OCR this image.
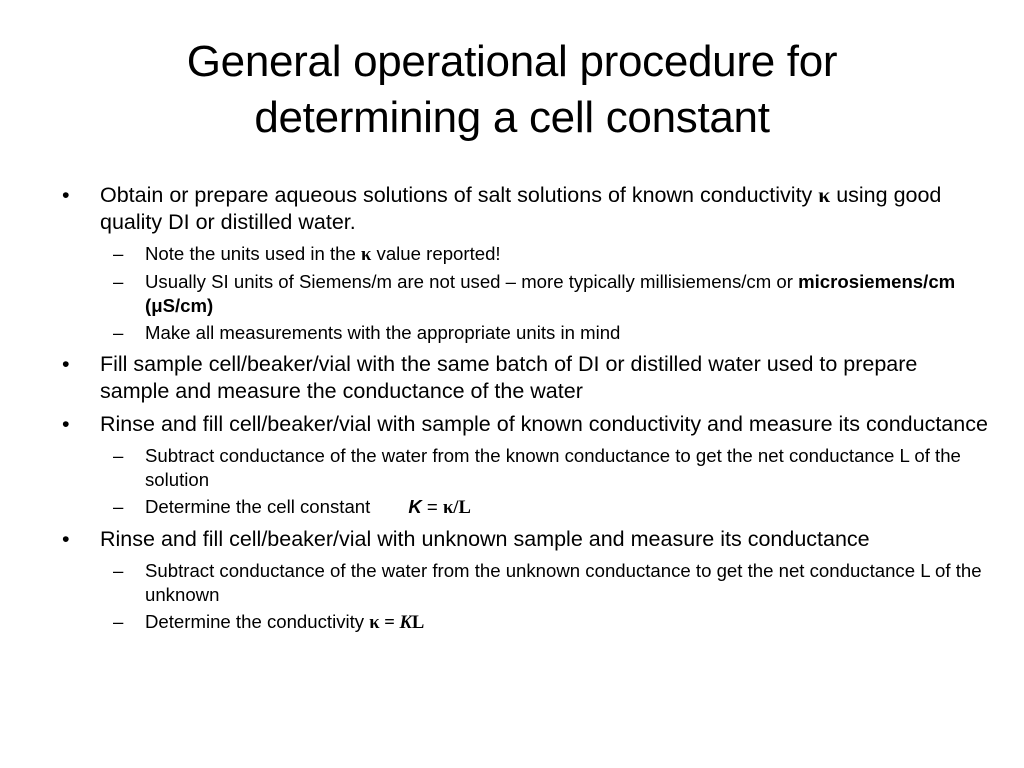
General operational procedure for
determining a cell constant
• Obtain or prepare aqueous solutions of salt solutions of known conductivity κ using good quality DI or distilled water.
– Note the units used in the κ value reported!
– Usually SI units of Siemens/m are not used – more typically millisiemens/cm or microsiemens/cm (μS/cm)
– Make all measurements with the appropriate units in mind
• Fill sample cell/beaker/vial with the same batch of DI or distilled water used to prepare sample and measure the conductance of the water
• Rinse and fill cell/beaker/vial with sample of known conductivity and measure its conductance
– Subtract conductance of the water from the known conductance to get the net conductance L of the solution
– Determine the cell constant K = κ/L
• Rinse and fill cell/beaker/vial with unknown sample and measure its conductance
– Subtract conductance of the water from the unknown conductance to get the net conductance L of the unknown
– Determine the conductivity κ = KL
